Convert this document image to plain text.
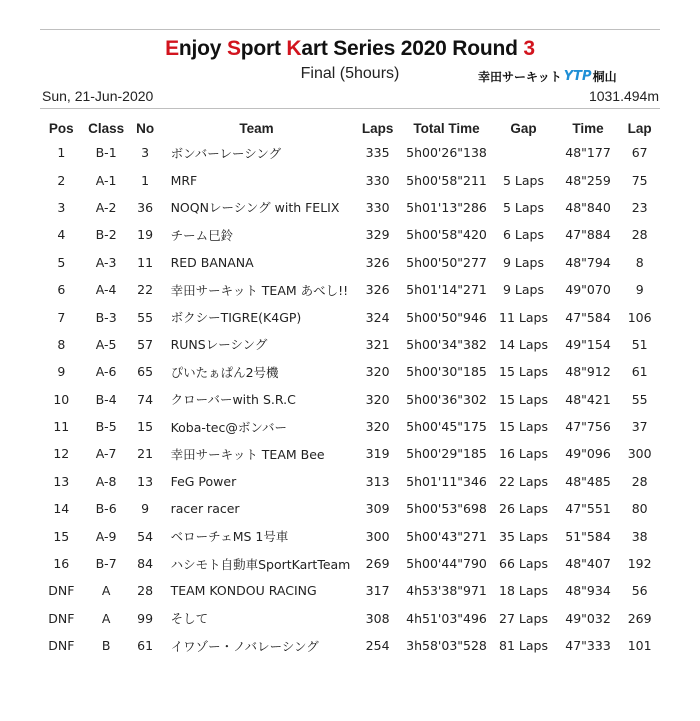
Enjoy Sport Kart Series 2020 Round 3
Final (5hours)	幸田サーキット YTP 桐山
Sun, 21-Jun-2020	1031.494m
Pos	Class	No	Team	Laps	Total Time	Gap	Time	Lap
1	B-1	3	ボンバーレーシング	335	5h00'26"138		48"177	67
2	A-1	1	MRF	330	5h00'58"211	5 Laps	48"259	75
3	A-2	36	NOQNレーシング with FELIX	330	5h01'13"286	5 Laps	48"840	23
4	B-2	19	チーム巳鈴	329	5h00'58"420	6 Laps	47"884	28
5	A-3	11	RED BANANA	326	5h00'50"277	9 Laps	48"794	8
6	A-4	22	幸田サーキット TEAM あべし!!	326	5h01'14"271	9 Laps	49"070	9
7	B-3	55	ボクシーTIGRE(K4GP)	324	5h00'50"946	11 Laps	47"584	106
8	A-5	57	RUNSレーシング	321	5h00'34"382	14 Laps	49"154	51
9	A-6	65	ぴいたぁぱん2号機	320	5h00'30"185	15 Laps	48"912	61
10	B-4	74	クローバーwith S.R.C	320	5h00'36"302	15 Laps	48"421	55
11	B-5	15	Koba-tec@ボンバー	320	5h00'45"175	15 Laps	47"756	37
12	A-7	21	幸田サーキット TEAM Bee	319	5h00'29"185	16 Laps	49"096	300
13	A-8	13	FeG Power	313	5h01'11"346	22 Laps	48"485	28
14	B-6	9	racer racer	309	5h00'53"698	26 Laps	47"551	80
15	A-9	54	ベローチェMS 1号車	300	5h00'43"271	35 Laps	51"584	38
16	B-7	84	ハシモト自動車SportKartTeam	269	5h00'44"790	66 Laps	48"407	192
DNF	A	28	TEAM KONDOU RACING	317	4h53'38"971	18 Laps	48"934	56
DNF	A	99	そして	308	4h51'03"496	27 Laps	49"032	269
DNF	B	61	イワゾー・ノバレーシング	254	3h58'03"528	81 Laps	47"333	101
